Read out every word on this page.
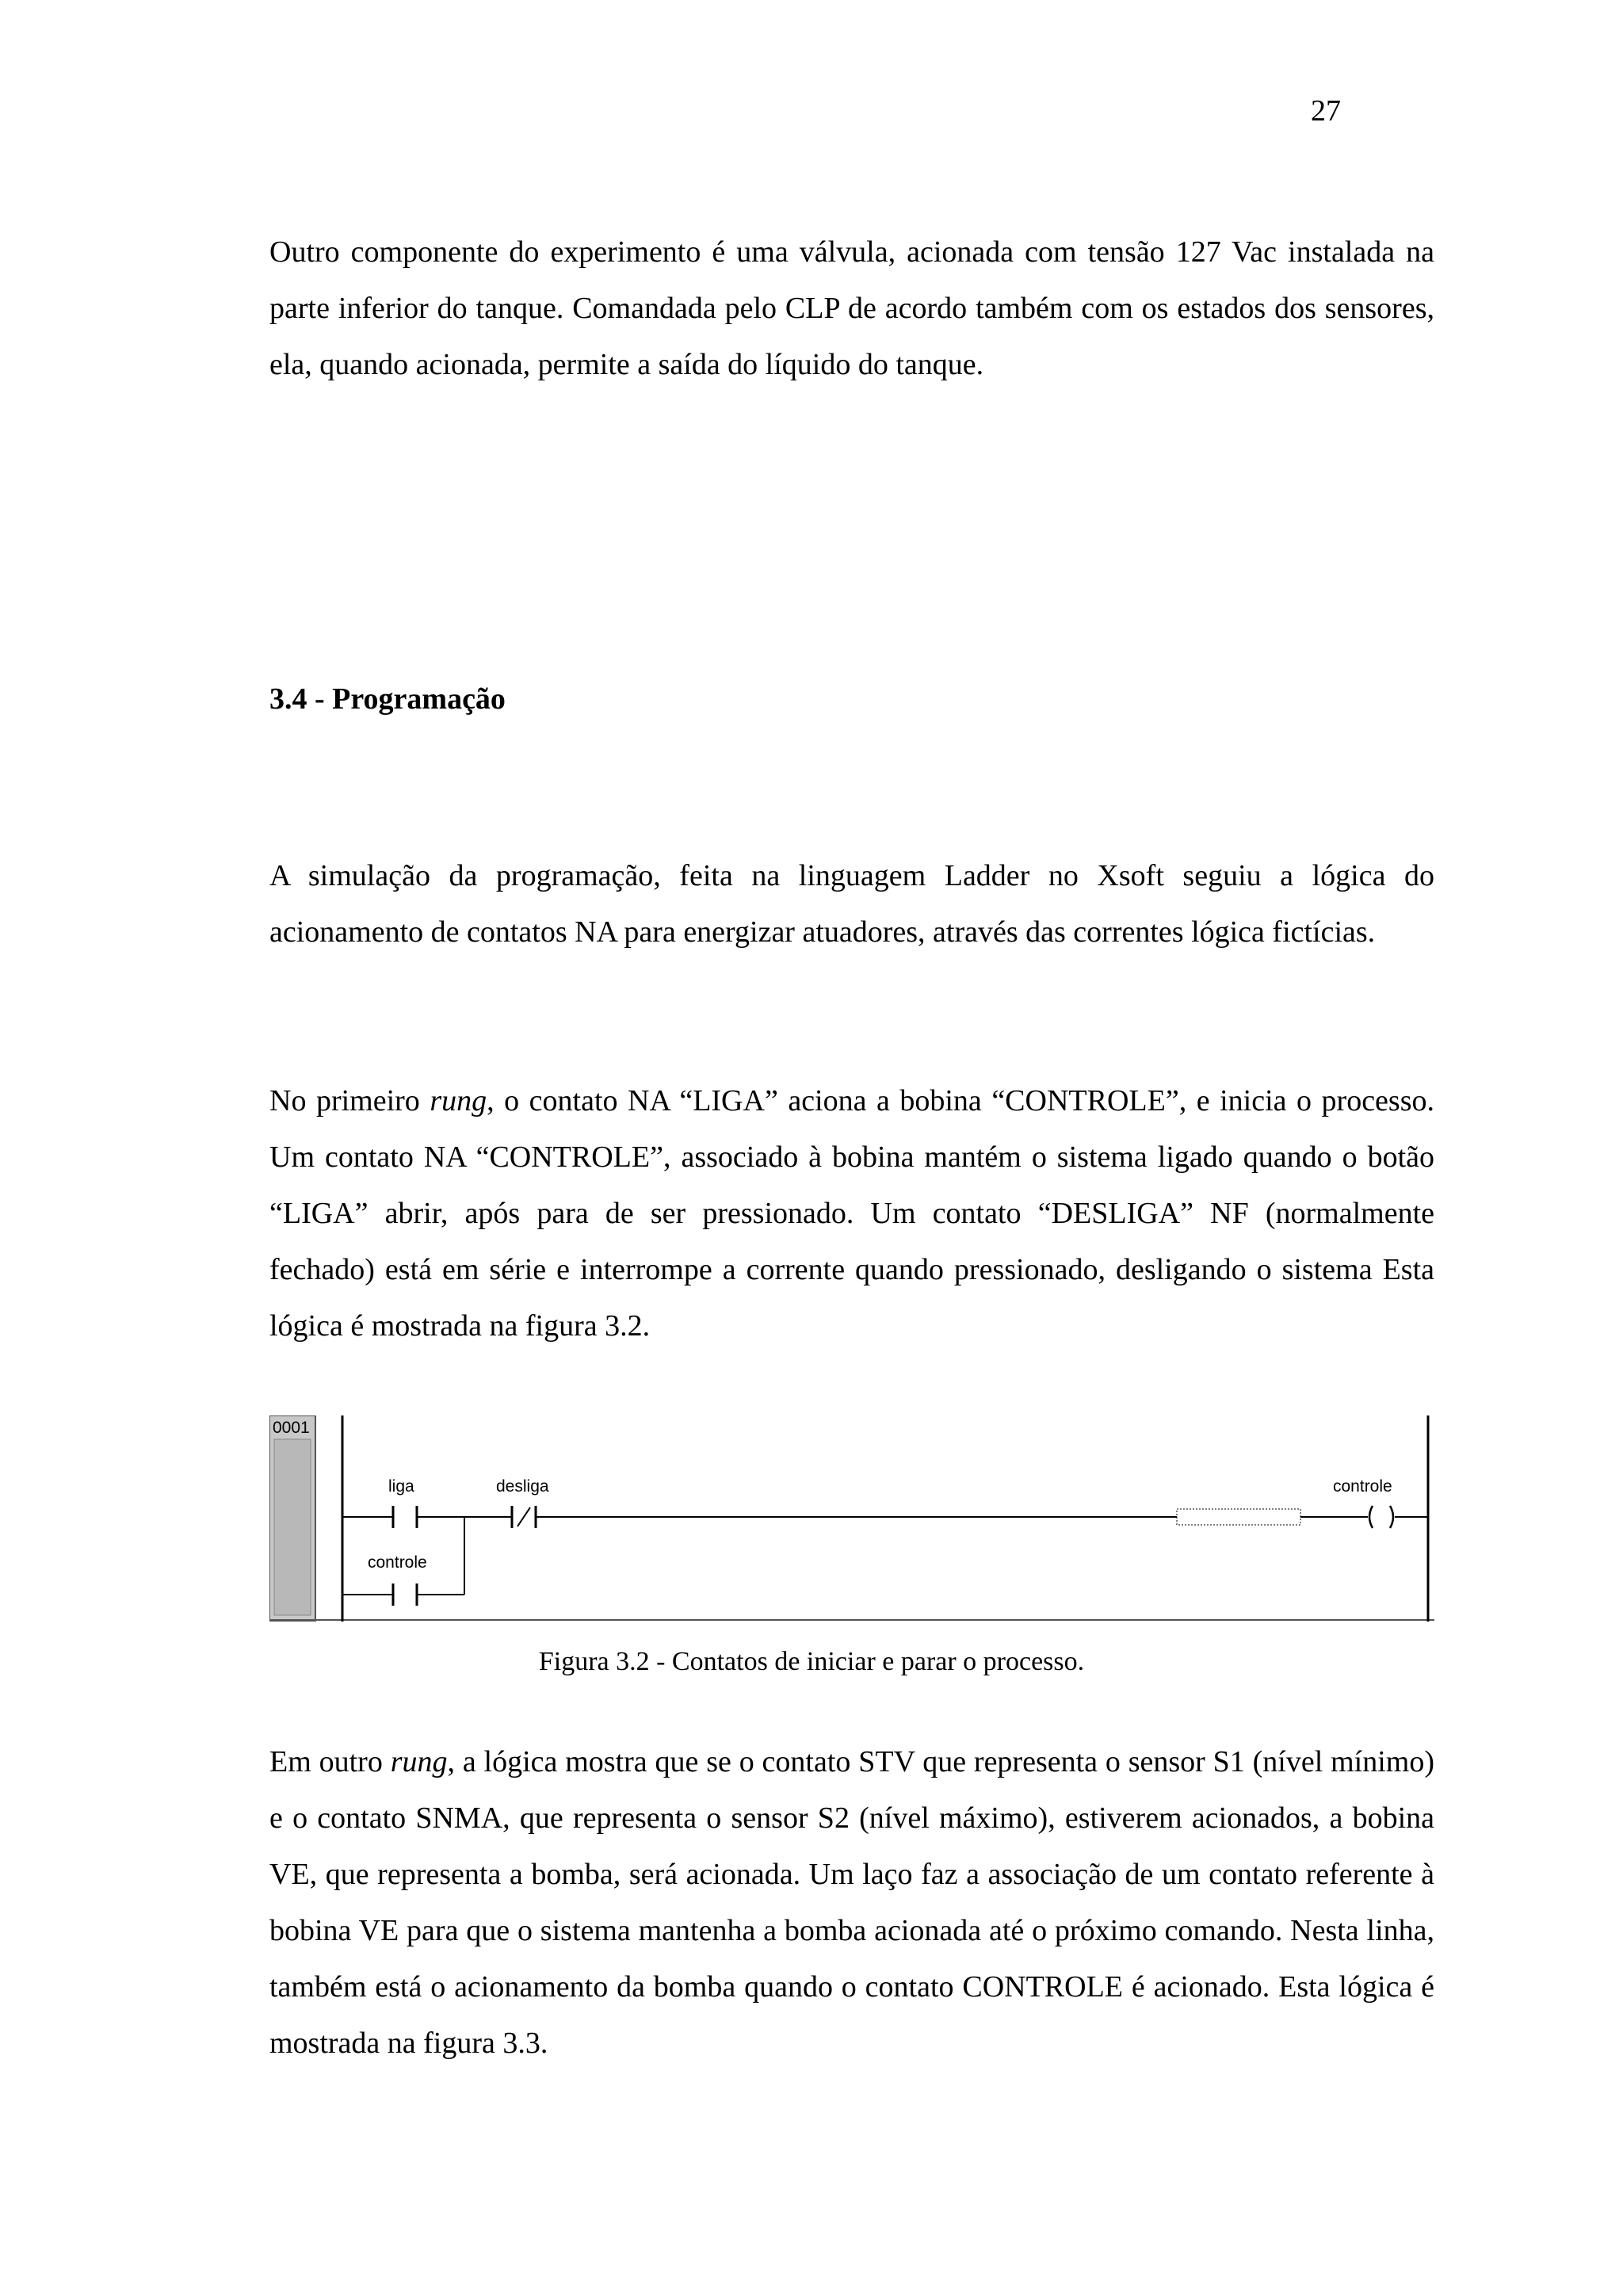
27

Outro componente do experimento é uma válvula, acionada com tensão 127 Vac instalada na parte inferior do tanque. Comandada pelo CLP de acordo também com os estados dos sensores, ela, quando acionada, permite a saída do líquido do tanque.

3.4 - Programação

A simulação da programação, feita na linguagem Ladder no Xsoft seguiu a lógica do acionamento de contatos NA para energizar atuadores, através das correntes lógica fictícias.

No primeiro rung, o contato NA “LIGA” aciona a bobina “CONTROLE”, e inicia o processo. Um contato NA “CONTROLE”, associado à bobina mantém o sistema ligado quando o botão “LIGA” abrir, após para de ser pressionado. Um contato “DESLIGA” NF (normalmente fechado) está em série e interrompe a corrente quando pressionado, desligando o sistema Esta lógica é mostrada na figura 3.2.

0001
liga	desliga
controle
controle
Figura 3.2 - Contatos de iniciar e parar o processo.

Em outro rung, a lógica mostra que se o contato STV que representa o sensor S1 (nível mínimo) e o contato SNMA, que representa o sensor S2 (nível máximo), estiverem acionados, a bobina VE, que representa a bomba, será acionada. Um laço faz a associação de um contato referente à bobina VE para que o sistema mantenha a bomba acionada até o próximo comando. Nesta linha, também está o acionamento da bomba quando o contato CONTROLE é acionado. Esta lógica é mostrada na figura 3.3.
